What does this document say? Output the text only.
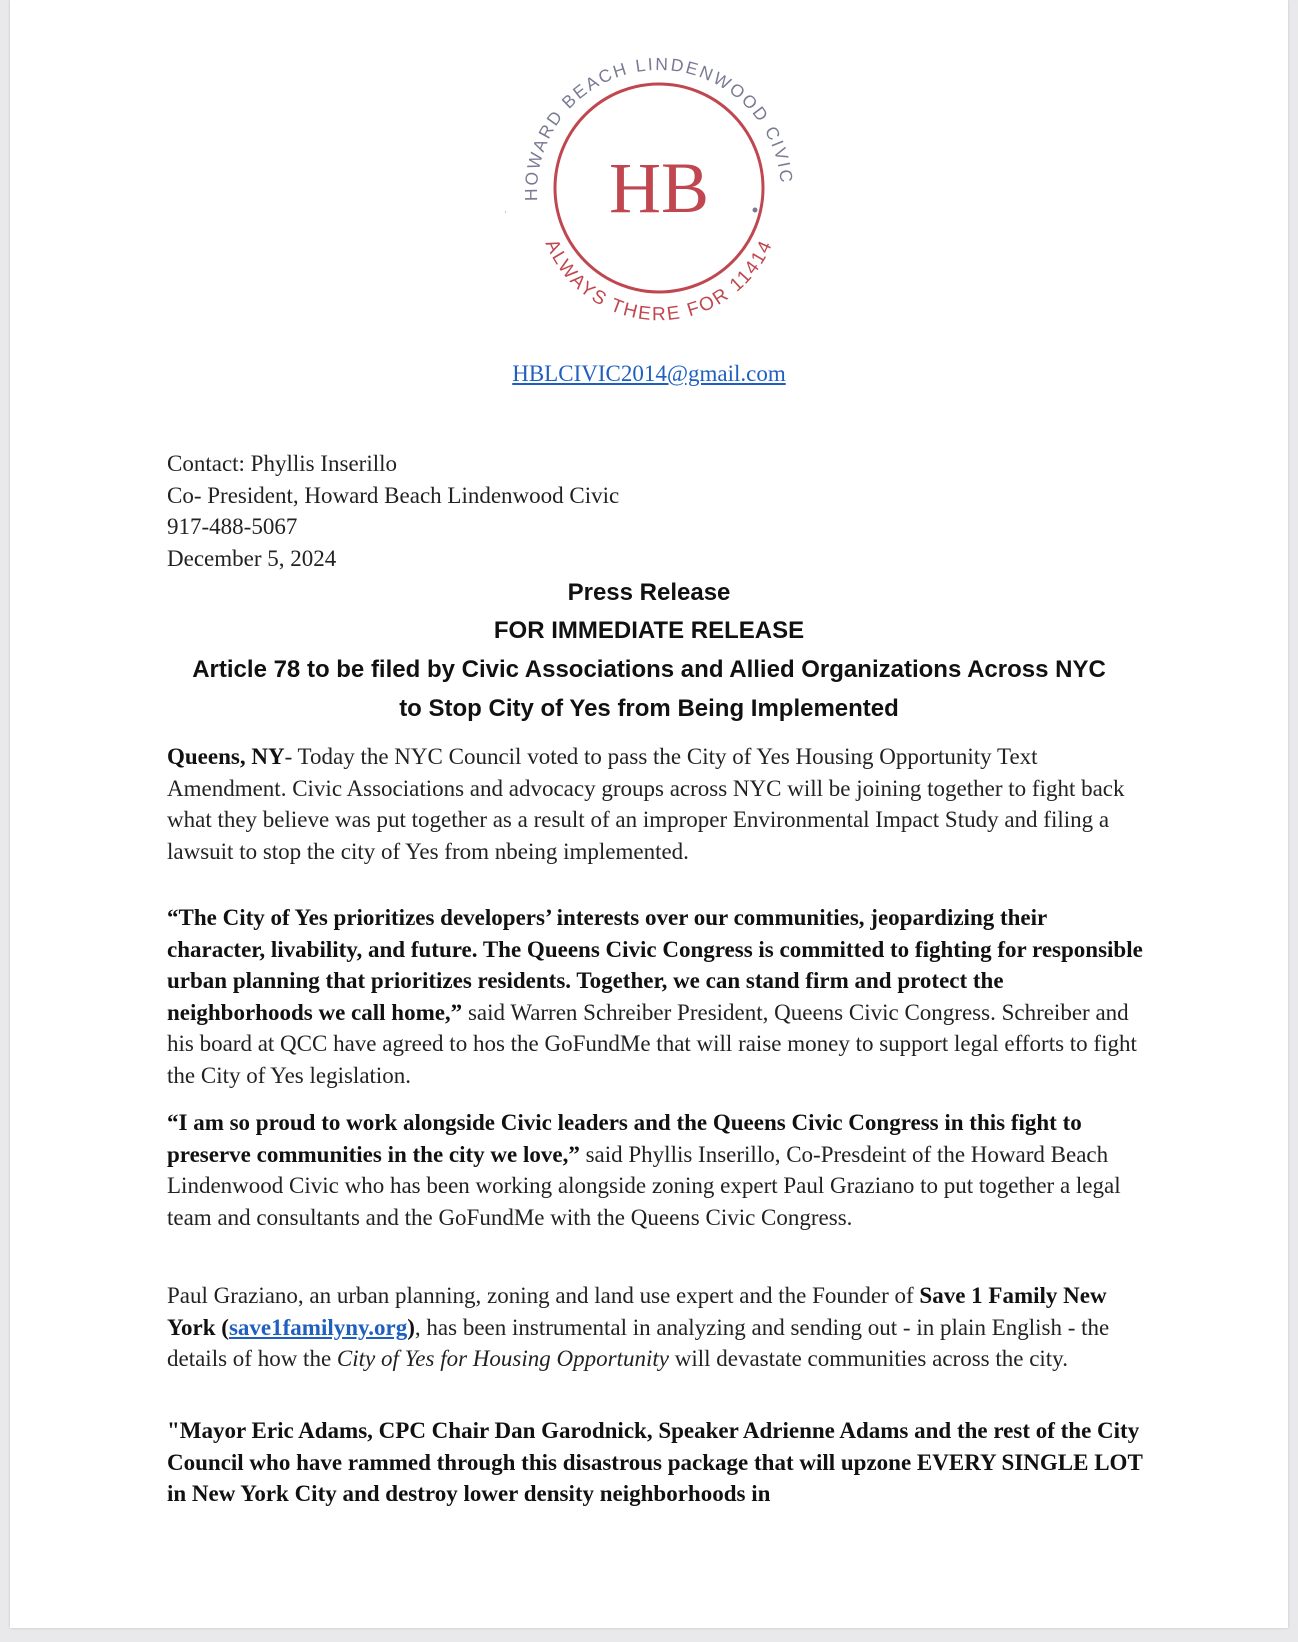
HB
HOWARD BEACH LINDENWOOD CIVIC
ALWAYS THERE FOR 11414
HBLCIVIC2014@gmail.com
Contact: Phyllis Inserillo
Co- President, Howard Beach Lindenwood Civic
917-488-5067
December 5, 2024
Press Release
FOR IMMEDIATE RELEASE
Article 78 to be filed by Civic Associations and Allied Organizations Across NYC
to Stop City of Yes from Being Implemented

Queens, NY- Today the NYC Council voted to pass the City of Yes Housing Opportunity Text Amendment. Civic Associations and advocacy groups across NYC will be joining together to fight back what they believe was put together as a result of an improper Environmental Impact Study and filing a lawsuit to stop the city of Yes from nbeing implemented.

“The City of Yes prioritizes developers’ interests over our communities, jeopardizing their character, livability, and future. The Queens Civic Congress is committed to fighting for responsible urban planning that prioritizes residents. Together, we can stand firm and protect the neighborhoods we call home,” said Warren Schreiber President, Queens Civic Congress. Schreiber and his board at QCC have agreed to hos the GoFundMe that will raise money to support legal efforts to fight the City of Yes legislation.

“I am so proud to work alongside Civic leaders and the Queens Civic Congress in this fight to preserve communities in the city we love,” said Phyllis Inserillo, Co-Presdeint of the Howard Beach Lindenwood Civic who has been working alongside zoning expert Paul Graziano to put together a legal team and consultants and the GoFundMe with the Queens Civic Congress.

Paul Graziano, an urban planning, zoning and land use expert and the Founder of Save 1 Family New York (save1familyny.org), has been instrumental in analyzing and sending out - in plain English - the details of how the City of Yes for Housing Opportunity will devastate communities across the city.

"Mayor Eric Adams, CPC Chair Dan Garodnick, Speaker Adrienne Adams and the rest of the City Council who have rammed through this disastrous package that will upzone EVERY SINGLE LOT in New York City and destroy lower density neighborhoods in
